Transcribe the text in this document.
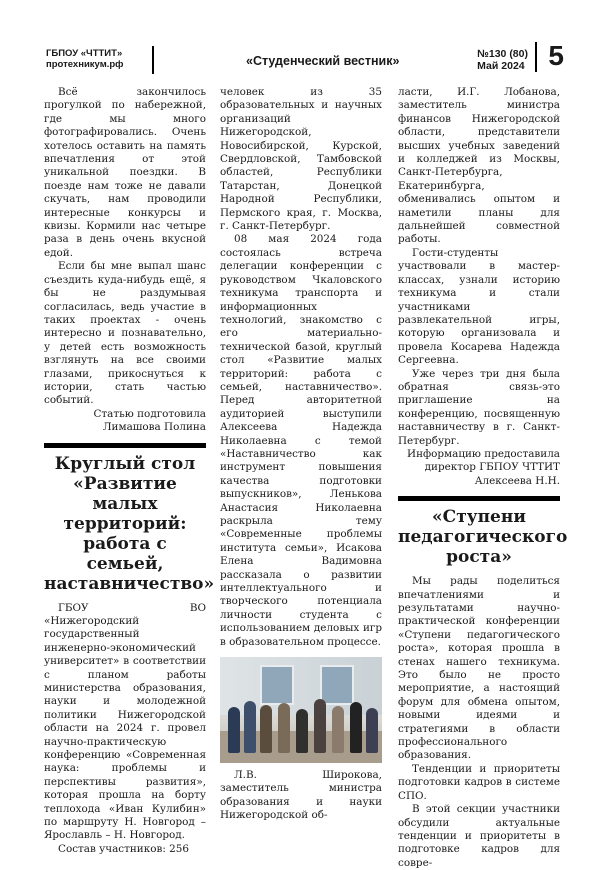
ГБПОУ «ЧТТИТ»
протехникум.рф	«Студенческий вестник»	№130 (80)
Май 2024 5

Всё закончилось прогулкой по набережной, где мы много фотографировались. Очень хотелось оставить на память впечатления от этой уникальной поездки. В поезде нам тоже не давали скучать, нам проводили интересные конкурсы и квизы. Кормили нас четыре раза в день очень вкусной едой.

Если бы мне выпал шанс съездить куда-нибудь ещё, я бы не раздумывая согласилась, ведь участие в таких проектах - очень интересно и познавательно, у детей есть возможность взглянуть на все своими глазами, прикоснуться к истории, стать частью событий.

Статью подготовила

Лимашова Полина

Круглый стол «Развитие малых территорий: работа с семьей, наставничество»

ГБОУ ВО «Нижегородский государственный инженерно-экономический университет» в соответствии с планом работы министерства образования, науки и молодежной политики Нижегородской области на 2024 г. провел научно-практическую конференцию «Современная наука: проблемы и перспективы развития», которая прошла на борту теплохода «Иван Кулибин» по маршруту Н. Новгород – Ярославль – Н. Новгород.

Состав участников: 256

человек из 35 образовательных и научных организаций Нижегородской, Новосибирской, Курской, Свердловской, Тамбовской областей, Республики Татарстан, Донецкой Народной Республики, Пермского края, г. Москва, г. Санкт-Петербург.

08 мая 2024 года состоялась встреча делегации конференции с руководством Чкаловского техникума транспорта и информационных технологий, знакомство с его материально-технической базой, круглый стол «Развитие малых территорий: работа с семьей, наставничество». Перед авторитетной аудиторией выступили Алексеева Надежда Николаевна с темой «Наставничество как инструмент повышения качества подготовки выпускников», Ленькова Анастасия Николаевна раскрыла тему «Современные проблемы института семьи», Исакова Елена Вадимовна рассказала о развитии интеллектуального и творческого потенциала личности студента с использованием деловых игр в образовательном процессе.

Л.В. Широкова, заместитель министра образования и науки Нижегородской об-

ласти, И.Г. Лобанова, заместитель министра финансов Нижегородской области, представители высших учебных заведений и колледжей из Москвы, Санкт-Петербурга, Екатеринбурга, обменивались опытом и наметили планы для дальнейшей совместной работы.

Гости-студенты участвовали в мастер-классах, узнали историю техникума и стали участниками развлекательной игры, которую организовала и провела Косарева Надежда Сергеевна.

Уже через три дня была обратная связь-это приглашение на конференцию, посвященную наставничеству в г. Санкт-Петербург.

Информацию предоставила директор ГБПОУ ЧТТИТ Алексеева Н.Н.

«Ступени педагогического роста»

Мы рады поделиться впечатлениями и результатами научно-практической конференции «Ступени педагогического роста», которая прошла в стенах нашего техникума. Это было не просто мероприятие, а настоящий форум для обмена опытом, новыми идеями и стратегиями в области профессионального образования.

Тенденции и приоритеты подготовки кадров в системе СПО.

В этой секции участники обсудили актуальные тенденции и приоритеты в подготовке кадров для совре-
